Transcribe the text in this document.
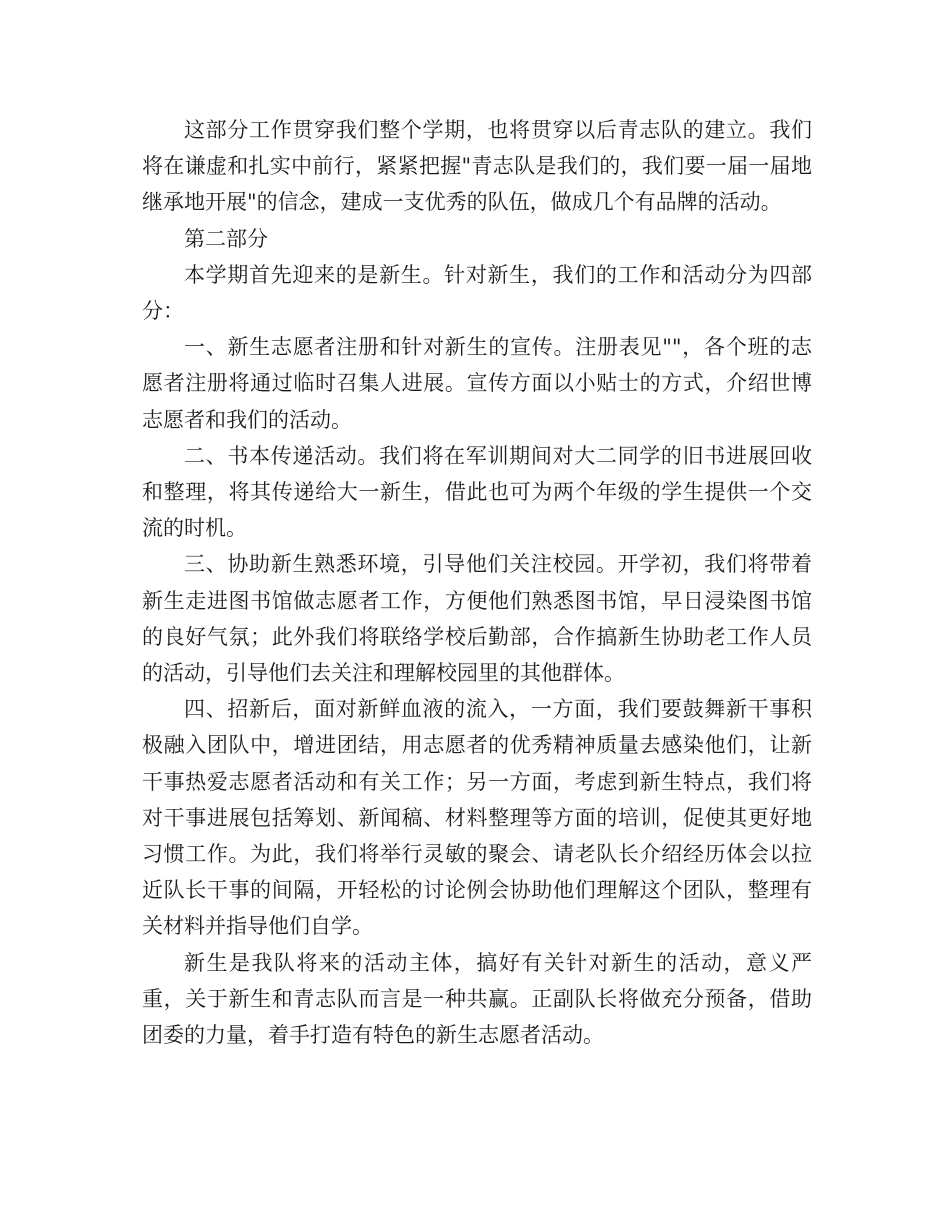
这部分工作贯穿我们整个学期，也将贯穿以后青志队的建立。我们将在谦虚和扎实中前行，紧紧把握"青志队是我们的，我们要一届一届地继承地开展"的信念，建成一支优秀的队伍，做成几个有品牌的活动。

第二部分

本学期首先迎来的是新生。针对新生，我们的工作和活动分为四部分：

一、新生志愿者注册和针对新生的宣传。注册表见""，各个班的志愿者注册将通过临时召集人进展。宣传方面以小贴士的方式，介绍世博志愿者和我们的活动。

二、书本传递活动。我们将在军训期间对大二同学的旧书进展回收和整理，将其传递给大一新生，借此也可为两个年级的学生提供一个交流的时机。

三、协助新生熟悉环境，引导他们关注校园。开学初，我们将带着新生走进图书馆做志愿者工作，方便他们熟悉图书馆，早日浸染图书馆的良好气氛；此外我们将联络学校后勤部，合作搞新生协助老工作人员的活动，引导他们去关注和理解校园里的其他群体。

四、招新后，面对新鲜血液的流入，一方面，我们要鼓舞新干事积极融入团队中，增进团结，用志愿者的优秀精神质量去感染他们，让新干事热爱志愿者活动和有关工作；另一方面，考虑到新生特点，我们将对干事进展包括筹划、新闻稿、材料整理等方面的培训，促使其更好地习惯工作。为此，我们将举行灵敏的聚会、请老队长介绍经历体会以拉近队长干事的间隔，开轻松的讨论例会协助他们理解这个团队，整理有关材料并指导他们自学。

新生是我队将来的活动主体，搞好有关针对新生的活动，意义严重，关于新生和青志队而言是一种共赢。正副队长将做充分预备，借助团委的力量，着手打造有特色的新生志愿者活动。
